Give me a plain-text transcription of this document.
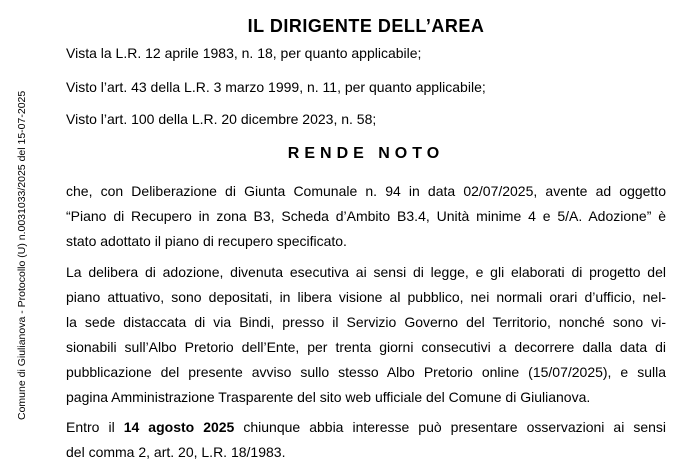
Comune di Giulianova - Protocollo (U) n.0031033/2025 del 15-07-2025
IL DIRIGENTE DELL’AREA

Vista la L.R. 12 aprile 1983, n. 18, per quanto applicabile;

Visto l’art. 43 della L.R. 3 marzo 1999, n. 11, per quanto applicabile;

Visto l’art. 100 della L.R. 20 dicembre 2023, n. 58;

RENDE NOTO
che, con Deliberazione di Giunta Comunale n. 94 in data 02/07/2025, avente ad oggetto
“Piano di Recupero in zona B3, Scheda d’Ambito B3.4, Unità minime 4 e 5/A. Adozione” è
stato adottato il piano di recupero specificato.
La delibera di adozione, divenuta esecutiva ai sensi di legge, e gli elaborati di progetto del
piano attuativo, sono depositati, in libera visione al pubblico, nei normali orari d’ufficio, nel-
la sede distaccata di via Bindi, presso il Servizio Governo del Territorio, nonché sono vi-
sionabili sull’Albo Pretorio dell’Ente, per trenta giorni consecutivi a decorrere dalla data di
pubblicazione del presente avviso sullo stesso Albo Pretorio online (15/07/2025), e sulla
pagina Amministrazione Trasparente del sito web ufficiale del Comune di Giulianova.
Entro il 14 agosto 2025 chiunque abbia interesse può presentare osservazioni ai sensi
del comma 2, art. 20, L.R. 18/1983.
